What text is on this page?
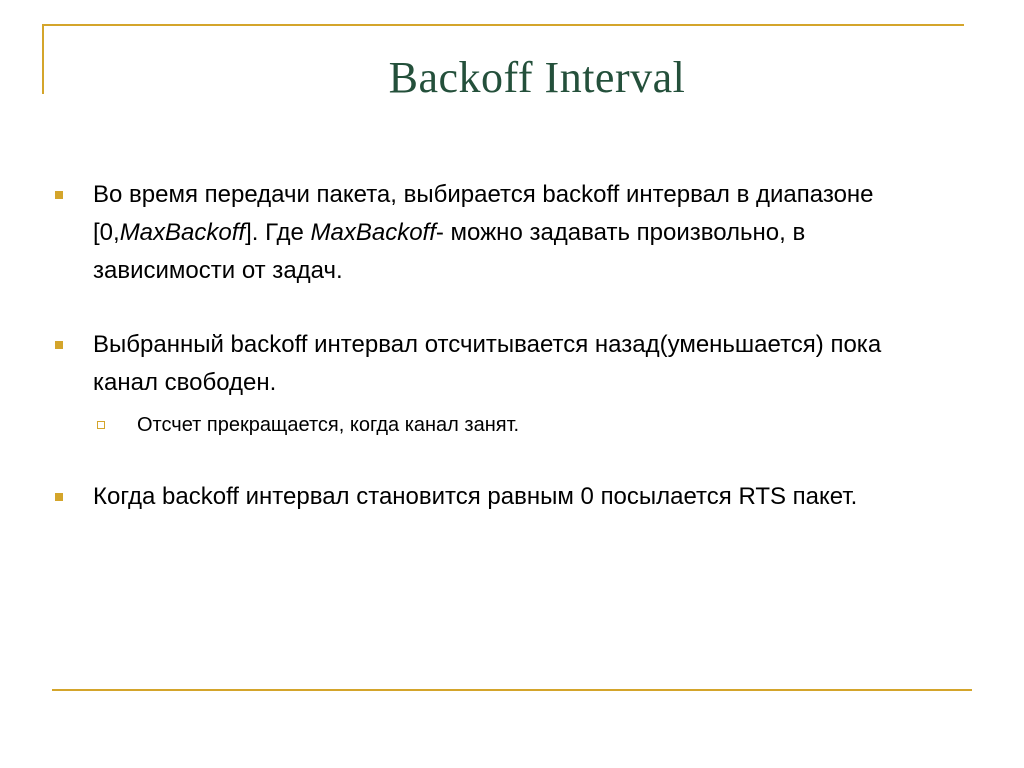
Backoff Interval
Во время передачи пакета, выбирается backoff интервал в диапазоне [0,MaxBackoff]. Где MaxBackoff- можно задавать произвольно, в зависимости от задач.
Выбранный backoff интервал отсчитывается назад(уменьшается) пока канал свободен.
Отсчет прекращается, когда канал занят.
Когда backoff интервал становится равным 0 посылается RTS пакет.
